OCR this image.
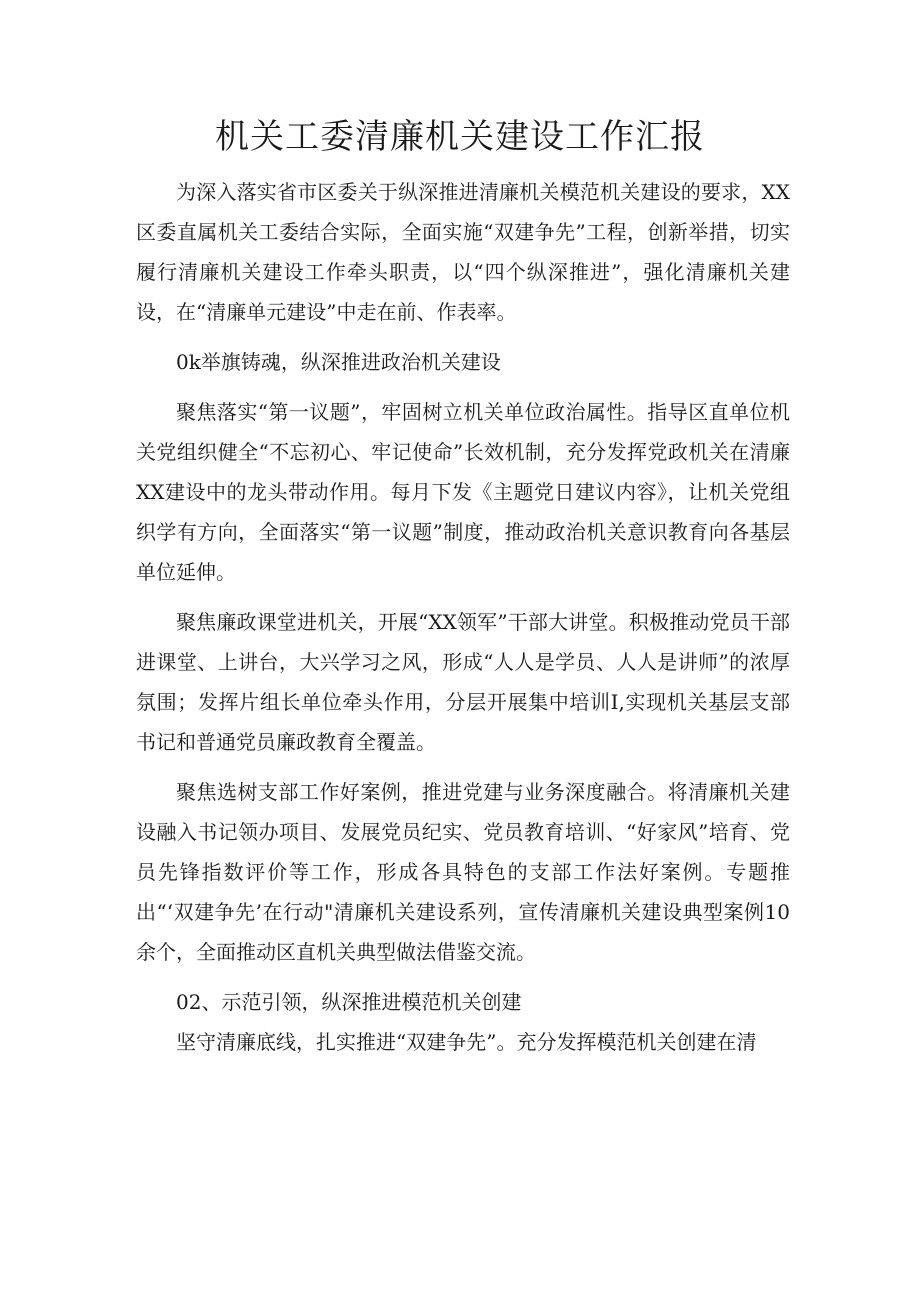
机关工委清廉机关建设工作汇报

为深入落实省市区委关于纵深推进清廉机关模范机关建设的要求，XX区委直属机关工委结合实际，全面实施“双建争先”工程，创新举措，切实履行清廉机关建设工作牵头职责，以“四个纵深推进”，强化清廉机关建设，在“清廉单元建设”中走在前、作表率。

0k举旗铸魂，纵深推进政治机关建设

聚焦落实“第一议题”，牢固树立机关单位政治属性。指导区直单位机关党组织健全“不忘初心、牢记使命”长效机制，充分发挥党政机关在清廉XX建设中的龙头带动作用。每月下发《主题党日建议内容》，让机关党组织学有方向，全面落实“第一议题”制度，推动政治机关意识教育向各基层单位延伸。

聚焦廉政课堂进机关，开展“XX领军”干部大讲堂。积极推动党员干部进课堂、上讲台，大兴学习之风，形成“人人是学员、人人是讲师”的浓厚氛围；发挥片组长单位牵头作用，分层开展集中培训I,实现机关基层支部书记和普通党员廉政教育全覆盖。

聚焦选树支部工作好案例，推进党建与业务深度融合。将清廉机关建设融入书记领办项目、发展党员纪实、党员教育培训、“好家风”培育、党员先锋指数评价等工作，形成各具特色的支部工作法好案例。专题推出“‘双建争先’在行动"清廉机关建设系列，宣传清廉机关建设典型案例10余个，全面推动区直机关典型做法借鉴交流。

02、示范引领，纵深推进模范机关创建

坚守清廉底线，扎实推进“双建争先”。充分发挥模范机关创建在清
